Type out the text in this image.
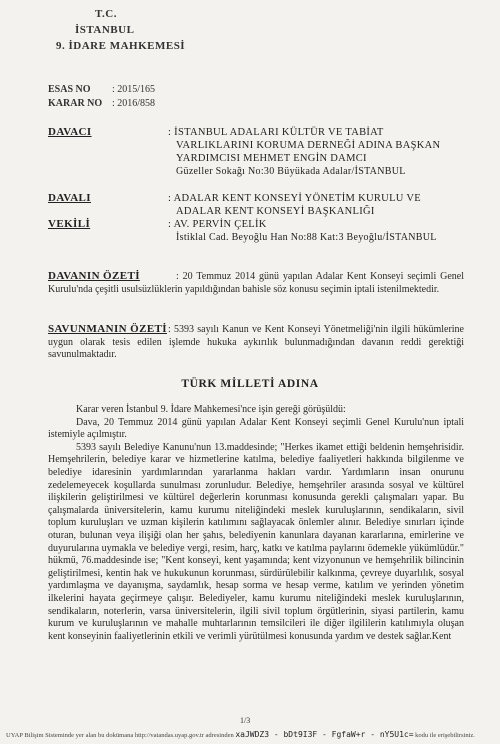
T.C.
İSTANBUL
9. İDARE MAHKEMESİ
ESAS NO : 2015/165
KARAR NO : 2016/858
DAVACI	: İSTANBUL ADALARI KÜLTÜR VE TABİAT
VARLIKLARINI KORUMA DERNEĞİ ADINA BAŞKAN
YARDIMCISI MEHMET ENGİN DAMCI
Güzeller Sokağı No:30 Büyükada Adalar/İSTANBUL
DAVALI	: ADALAR KENT KONSEYİ YÖNETİM KURULU VE
ADALAR KENT KONSEYİ BAŞKANLIĞI
VEKİLİ	: AV. PERVİN ÇELİK
İstiklal Cad. Beyoğlu Han No:88 Kat:3 Beyoğlu/İSTANBUL
DAVANIN ÖZETİ	: 20 Temmuz 2014 günü yapılan Adalar Kent Konseyi seçimli Genel Kurulu'nda çeşitli usulsüzlüklerin yapıldığından bahisle söz konusu seçimin iptali istenilmektedir.
SAVUNMANIN ÖZETİ: 5393 sayılı Kanun ve Kent Konseyi Yönetmeliği'nin ilgili hükümlerine uygun olarak tesis edilen işlemde hukuka aykırılık bulunmadığından davanın reddi gerektiği savunulmaktadır.
TÜRK MİLLETİ ADINA

Karar veren İstanbul 9. İdare Mahkemesi'nce işin gereği görüşüldü:

Dava, 20 Temmuz 2014 günü yapılan Adalar Kent Konseyi seçimli Genel Kurulu'nun iptali istemiyle açılmıştır.

5393 sayılı Belediye Kanunu'nun 13.maddesinde; "Herkes ikamet ettiği beldenin hemşehrisidir. Hemşehrilerin, belediye karar ve hizmetlerine katılma, belediye faaliyetleri hakkında bilgilenme ve belediye idaresinin yardımlarından yararlanma hakları vardır. Yardımların insan onurunu zedelemeyecek koşullarda sunulması zorunludur. Belediye, hemşehriler arasında sosyal ve kültürel ilişkilerin geliştirilmesi ve kültürel değerlerin korunması konusunda gerekli çalışmaları yapar. Bu çalışmalarda üniversitelerin, kamu kurumu niteliğindeki meslek kuruluşlarının, sendikaların, sivil toplum kuruluşları ve uzman kişilerin katılımını sağlayacak önlemler alınır. Belediye sınırları içinde oturan, bulunan veya ilişiği olan her şahıs, belediyenin kanunlara dayanan kararlarına, emirlerine ve duyurularına uymakla ve belediye vergi, resim, harç, katkı ve katılma paylarını ödemekle yükümlüdür." hükmü, 76.maddesinde ise; "Kent konseyi, kent yaşamında; kent vizyonunun ve hemşehrilik bilincinin geliştirilmesi, kentin hak ve hukukunun korunması, sürdürülebilir kalkınma, çevreye duyarlılık, sosyal yardımlaşma ve dayanışma, saydamlık, hesap sorma ve hesap verme, katılım ve yerinden yönetim ilkelerini hayata geçirmeye çalışır. Belediyeler, kamu kurumu niteliğindeki meslek kuruluşlarının, sendikaların, noterlerin, varsa üniversitelerin, ilgili sivil toplum örgütlerinin, siyasi partilerin, kamu kurum ve kuruluşlarının ve mahalle muhtarlarının temsilcileri ile diğer ilgililerin katılımıyla oluşan kent konseyinin faaliyetlerinin etkili ve verimli yürütülmesi konusunda yardım ve destek sağlar.Kent

1/3
UYAP Bilişim Sisteminde yer alan bu dokümana http://vatandas.uyap.gov.tr adresinden xaJWDZ3 - bDt9I3F - FgfaW+r - nY5U1c= kodu ile erişebilirsiniz.
